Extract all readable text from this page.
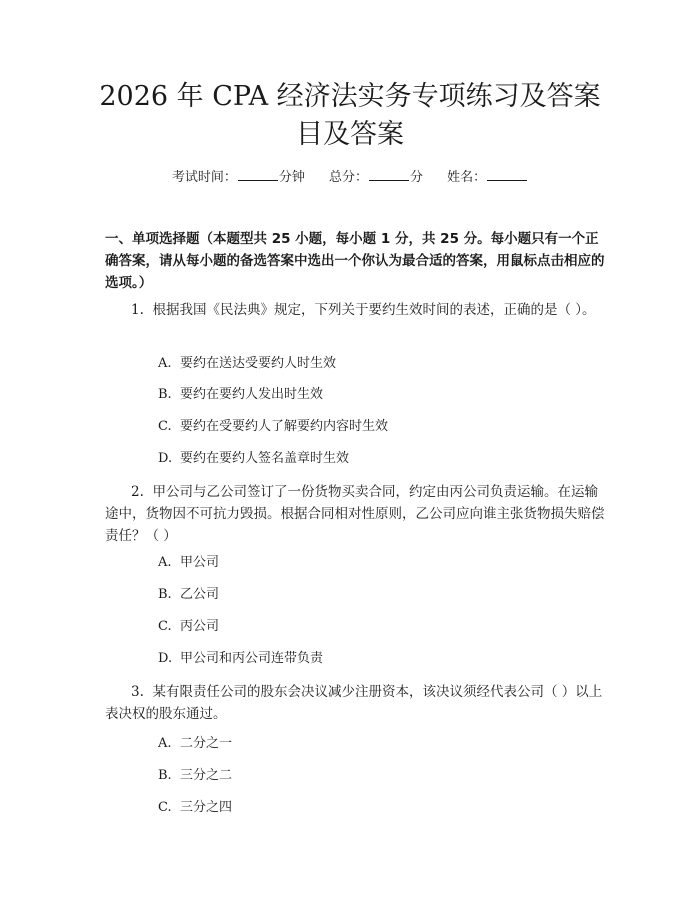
2026 年 CPA 经济法实务专项练习及答案目及答案
考试时间：	分钟 总分：	分 姓名：

一、单项选择题（本题型共 25 小题，每小题 1 分，共 25 分。每小题只有一个正确答案，请从每小题的备选答案中选出一个你认为最合适的答案，用鼠标点击相应的选项。）

1. 根据我国《民法典》规定，下列关于要约生效时间的表述，正确的是（ ）。

A. 要约在送达受要约人时生效

B. 要约在要约人发出时生效

C. 要约在受要约人了解要约内容时生效

D. 要约在要约人签名盖章时生效

2. 甲公司与乙公司签订了一份货物买卖合同，约定由丙公司负责运输。在运输途中，货物因不可抗力毁损。根据合同相对性原则，乙公司应向谁主张货物损失赔偿责任？（ ）

A. 甲公司

B. 乙公司

C. 丙公司

D. 甲公司和丙公司连带负责

3. 某有限责任公司的股东会决议减少注册资本，该决议须经代表公司（ ）以上表决权的股东通过。

A. 二分之一

B. 三分之二

C. 三分之四
